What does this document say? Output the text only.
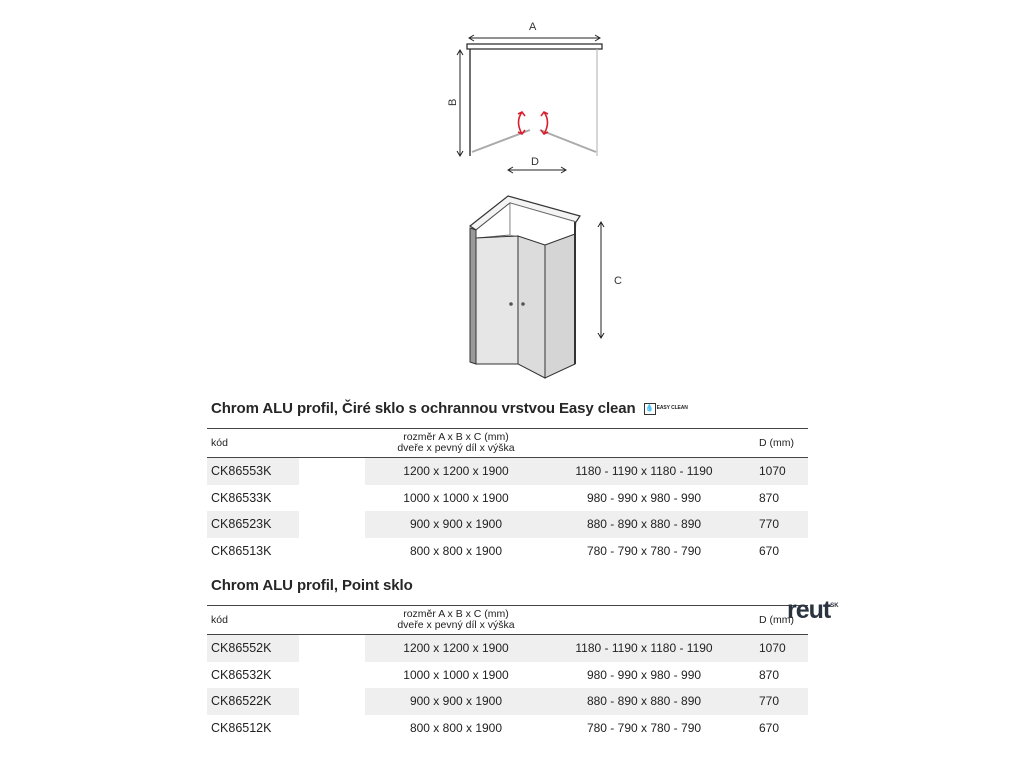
A
B
D
C
Chrom ALU profil, Čiré sklo s ochrannou vrstvou Easy clean 💧 EASY CLEAN
kód		rozměr A x B x C (mm)
dveře x pevný díl x výška		D (mm)
CK86553K		1200 x 1200 x 1900	1180 - 1190 x 1180 - 1190	1070
CK86533K		1000 x 1000 x 1900	980 - 990 x 980 - 990	870
CK86523K		900 x 900 x 1900	880 - 890 x 880 - 890	770
CK86513K		800 x 800 x 1900	780 - 790 x 780 - 790	670
Chrom ALU profil, Point sklo
kód		rozměr A x B x C (mm)
dveře x pevný díl x výška		D (mm)
CK86552K		1200 x 1200 x 1900	1180 - 1190 x 1180 - 1190	1070
CK86532K		1000 x 1000 x 1900	980 - 990 x 980 - 990	870
CK86522K		900 x 900 x 1900	880 - 890 x 880 - 890	770
CK86512K		800 x 800 x 1900	780 - 790 x 780 - 790	670
reut$^{SK}$
